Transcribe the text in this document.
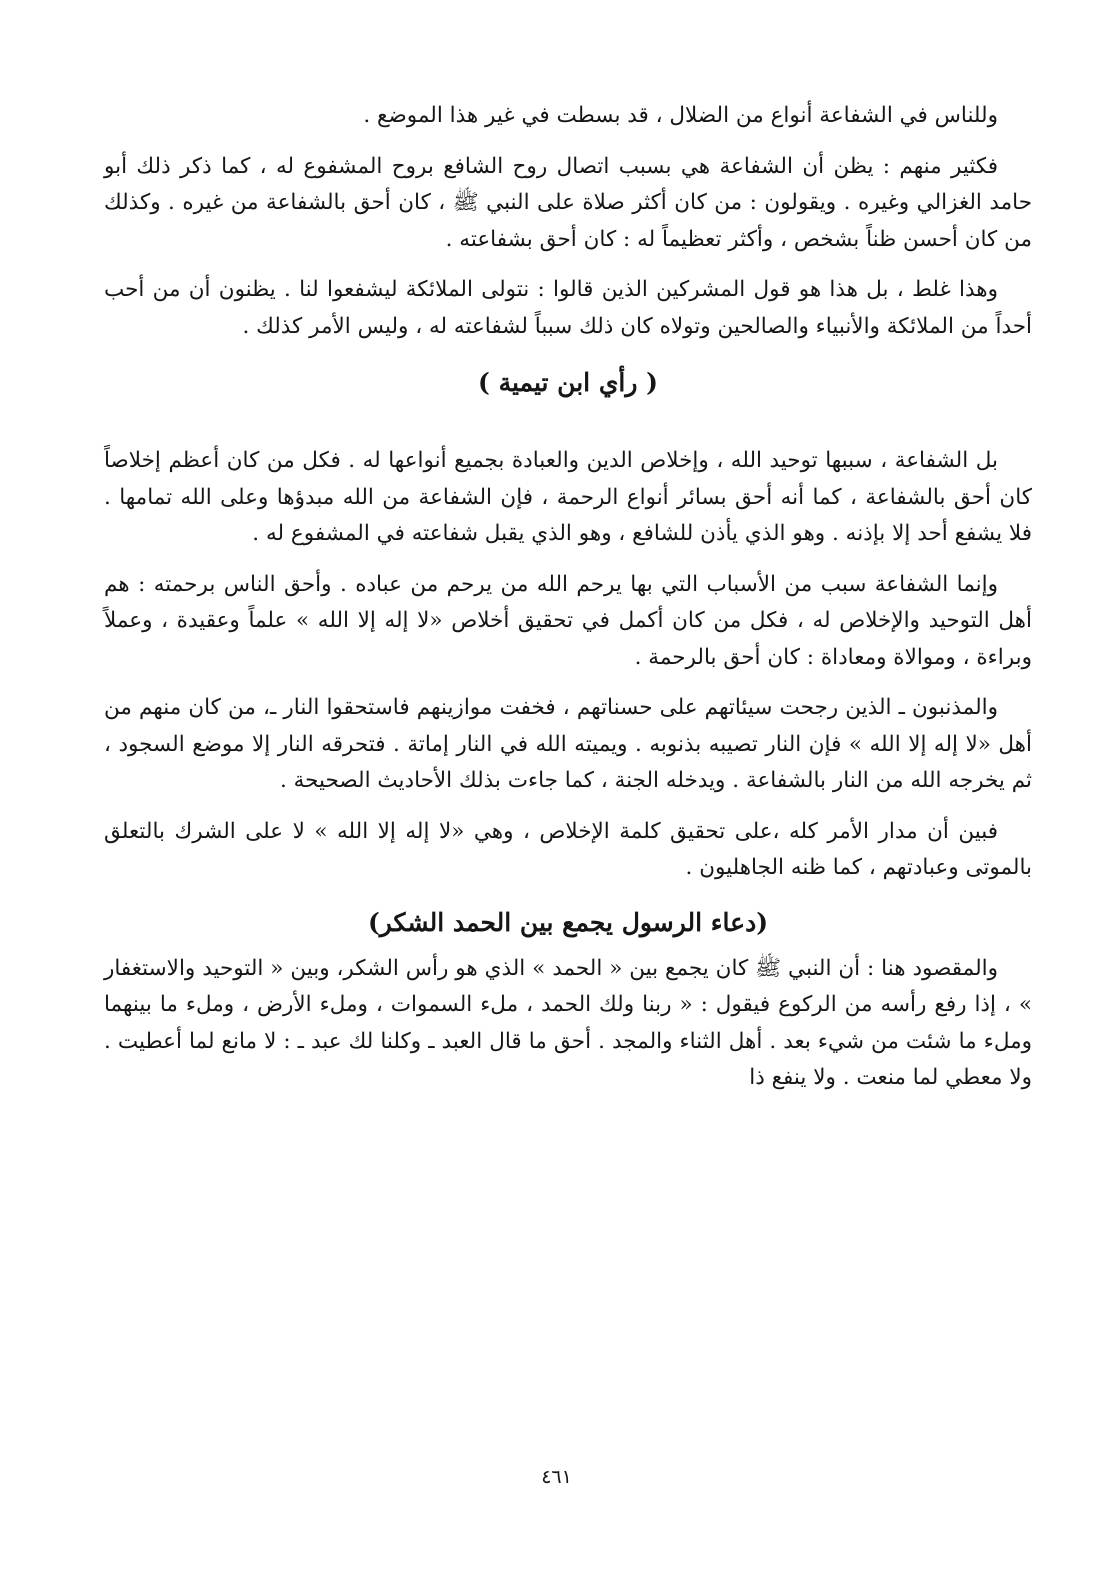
وللناس في الشفاعة أنواع من الضلال ، قد بسطت في غير هذا الموضع .

فكثير منهم : يظن أن الشفاعة هي بسبب اتصال روح الشافع بروح المشفوع له ، كما ذكر ذلك أبو حامد الغزالي وغيره . ويقولون : من كان أكثر صلاة على النبي ﷺ ، كان أحق بالشفاعة من غيره . وكذلك من كان أحسن ظناً بشخص ، وأكثر تعظيماً له : كان أحق بشفاعته .

وهذا غلط ، بل هذا هو قول المشركين الذين قالوا : نتولى الملائكة ليشفعوا لنا . يظنون أن من أحب أحداً من الملائكة والأنبياء والصالحين وتولاه كان ذلك سبباً لشفاعته له ، وليس الأمر كذلك .

( رأي ابن تيمية )

بل الشفاعة ، سببها توحيد الله ، وإخلاص الدين والعبادة بجميع أنواعها له . فكل من كان أعظم إخلاصاً كان أحق بالشفاعة ، كما أنه أحق بسائر أنواع الرحمة ، فإن الشفاعة من الله مبدؤها وعلى الله تمامها . فلا يشفع أحد إلا بإذنه . وهو الذي يأذن للشافع ، وهو الذي يقبل شفاعته في المشفوع له .

وإنما الشفاعة سبب من الأسباب التي بها يرحم الله من يرحم من عباده . وأحق الناس برحمته : هم أهل التوحيد والإخلاص له ، فكل من كان أكمل في تحقيق أخلاص «لا إله إلا الله » علماً وعقيدة ، وعملاً وبراءة ، وموالاة ومعاداة : كان أحق بالرحمة .

والمذنبون ـ الذين رجحت سيئاتهم على حسناتهم ، فخفت موازينهم فاستحقوا النار ـ، من كان منهم من أهل «لا إله إلا الله » فإن النار تصيبه بذنوبه . ويميته الله في النار إماتة . فتحرقه النار إلا موضع السجود ، ثم يخرجه الله من النار بالشفاعة . ويدخله الجنة ، كما جاءت بذلك الأحاديث الصحيحة .

فبين أن مدار الأمر كله ،على تحقيق كلمة الإخلاص ، وهي «لا إله إلا الله » لا على الشرك بالتعلق بالموتى وعبادتهم ، كما ظنه الجاهليون .

(دعاء الرسول يجمع بين الحمد الشكر)

والمقصود هنا : أن النبي ﷺ كان يجمع بين « الحمد » الذي هو رأس الشكر، وبين « التوحيد والاستغفار » ، إذا رفع رأسه من الركوع فيقول : « ربنا ولك الحمد ، ملء السموات ، وملء الأرض ، وملء ما بينهما وملء ما شئت من شيء بعد . أهل الثناء والمجد . أحق ما قال العبد ـ وكلنا لك عبد ـ : لا مانع لما أعطيت . ولا معطي لما منعت . ولا ينفع ذا

٤٦١
